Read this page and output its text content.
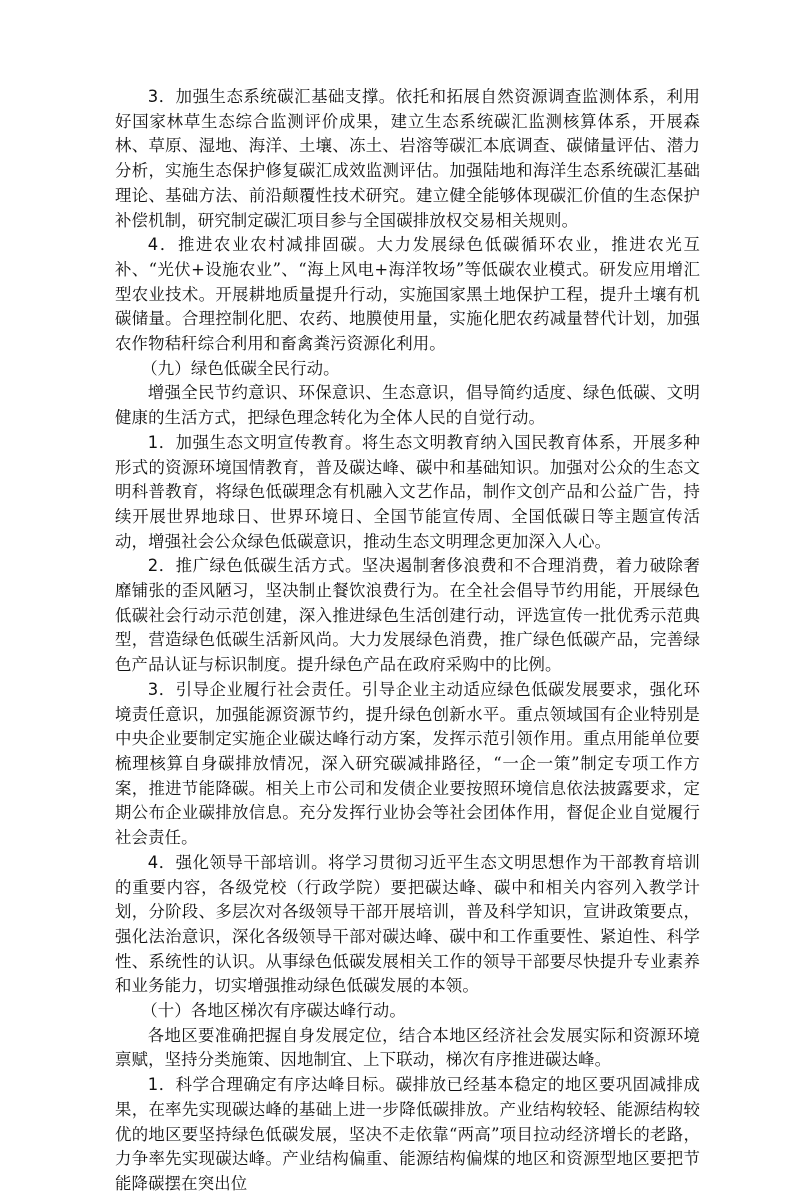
3．加强生态系统碳汇基础支撑。依托和拓展自然资源调查监测体系，利用好国家林草生态综合监测评价成果，建立生态系统碳汇监测核算体系，开展森林、草原、湿地、海洋、土壤、冻土、岩溶等碳汇本底调查、碳储量评估、潜力分析，实施生态保护修复碳汇成效监测评估。加强陆地和海洋生态系统碳汇基础理论、基础方法、前沿颠覆性技术研究。建立健全能够体现碳汇价值的生态保护补偿机制，研究制定碳汇项目参与全国碳排放权交易相关规则。

4．推进农业农村减排固碳。大力发展绿色低碳循环农业，推进农光互补、“光伏+设施农业”、“海上风电+海洋牧场”等低碳农业模式。研发应用增汇型农业技术。开展耕地质量提升行动，实施国家黑土地保护工程，提升土壤有机碳储量。合理控制化肥、农药、地膜使用量，实施化肥农药减量替代计划，加强农作物秸秆综合利用和畜禽粪污资源化利用。

（九）绿色低碳全民行动。

增强全民节约意识、环保意识、生态意识，倡导简约适度、绿色低碳、文明健康的生活方式，把绿色理念转化为全体人民的自觉行动。

1．加强生态文明宣传教育。将生态文明教育纳入国民教育体系，开展多种形式的资源环境国情教育，普及碳达峰、碳中和基础知识。加强对公众的生态文明科普教育，将绿色低碳理念有机融入文艺作品，制作文创产品和公益广告，持续开展世界地球日、世界环境日、全国节能宣传周、全国低碳日等主题宣传活动，增强社会公众绿色低碳意识，推动生态文明理念更加深入人心。

2．推广绿色低碳生活方式。坚决遏制奢侈浪费和不合理消费，着力破除奢靡铺张的歪风陋习，坚决制止餐饮浪费行为。在全社会倡导节约用能，开展绿色低碳社会行动示范创建，深入推进绿色生活创建行动，评选宣传一批优秀示范典型，营造绿色低碳生活新风尚。大力发展绿色消费，推广绿色低碳产品，完善绿色产品认证与标识制度。提升绿色产品在政府采购中的比例。

3．引导企业履行社会责任。引导企业主动适应绿色低碳发展要求，强化环境责任意识，加强能源资源节约，提升绿色创新水平。重点领域国有企业特别是中央企业要制定实施企业碳达峰行动方案，发挥示范引领作用。重点用能单位要梳理核算自身碳排放情况，深入研究碳减排路径，“一企一策”制定专项工作方案，推进节能降碳。相关上市公司和发债企业要按照环境信息依法披露要求，定期公布企业碳排放信息。充分发挥行业协会等社会团体作用，督促企业自觉履行社会责任。

4．强化领导干部培训。将学习贯彻习近平生态文明思想作为干部教育培训的重要内容，各级党校（行政学院）要把碳达峰、碳中和相关内容列入教学计划，分阶段、多层次对各级领导干部开展培训，普及科学知识，宣讲政策要点，强化法治意识，深化各级领导干部对碳达峰、碳中和工作重要性、紧迫性、科学性、系统性的认识。从事绿色低碳发展相关工作的领导干部要尽快提升专业素养和业务能力，切实增强推动绿色低碳发展的本领。

（十）各地区梯次有序碳达峰行动。

各地区要准确把握自身发展定位，结合本地区经济社会发展实际和资源环境禀赋，坚持分类施策、因地制宜、上下联动，梯次有序推进碳达峰。

1．科学合理确定有序达峰目标。碳排放已经基本稳定的地区要巩固减排成果，在率先实现碳达峰的基础上进一步降低碳排放。产业结构较轻、能源结构较优的地区要坚持绿色低碳发展，坚决不走依靠“两高”项目拉动经济增长的老路，力争率先实现碳达峰。产业结构偏重、能源结构偏煤的地区和资源型地区要把节能降碳摆在突出位
